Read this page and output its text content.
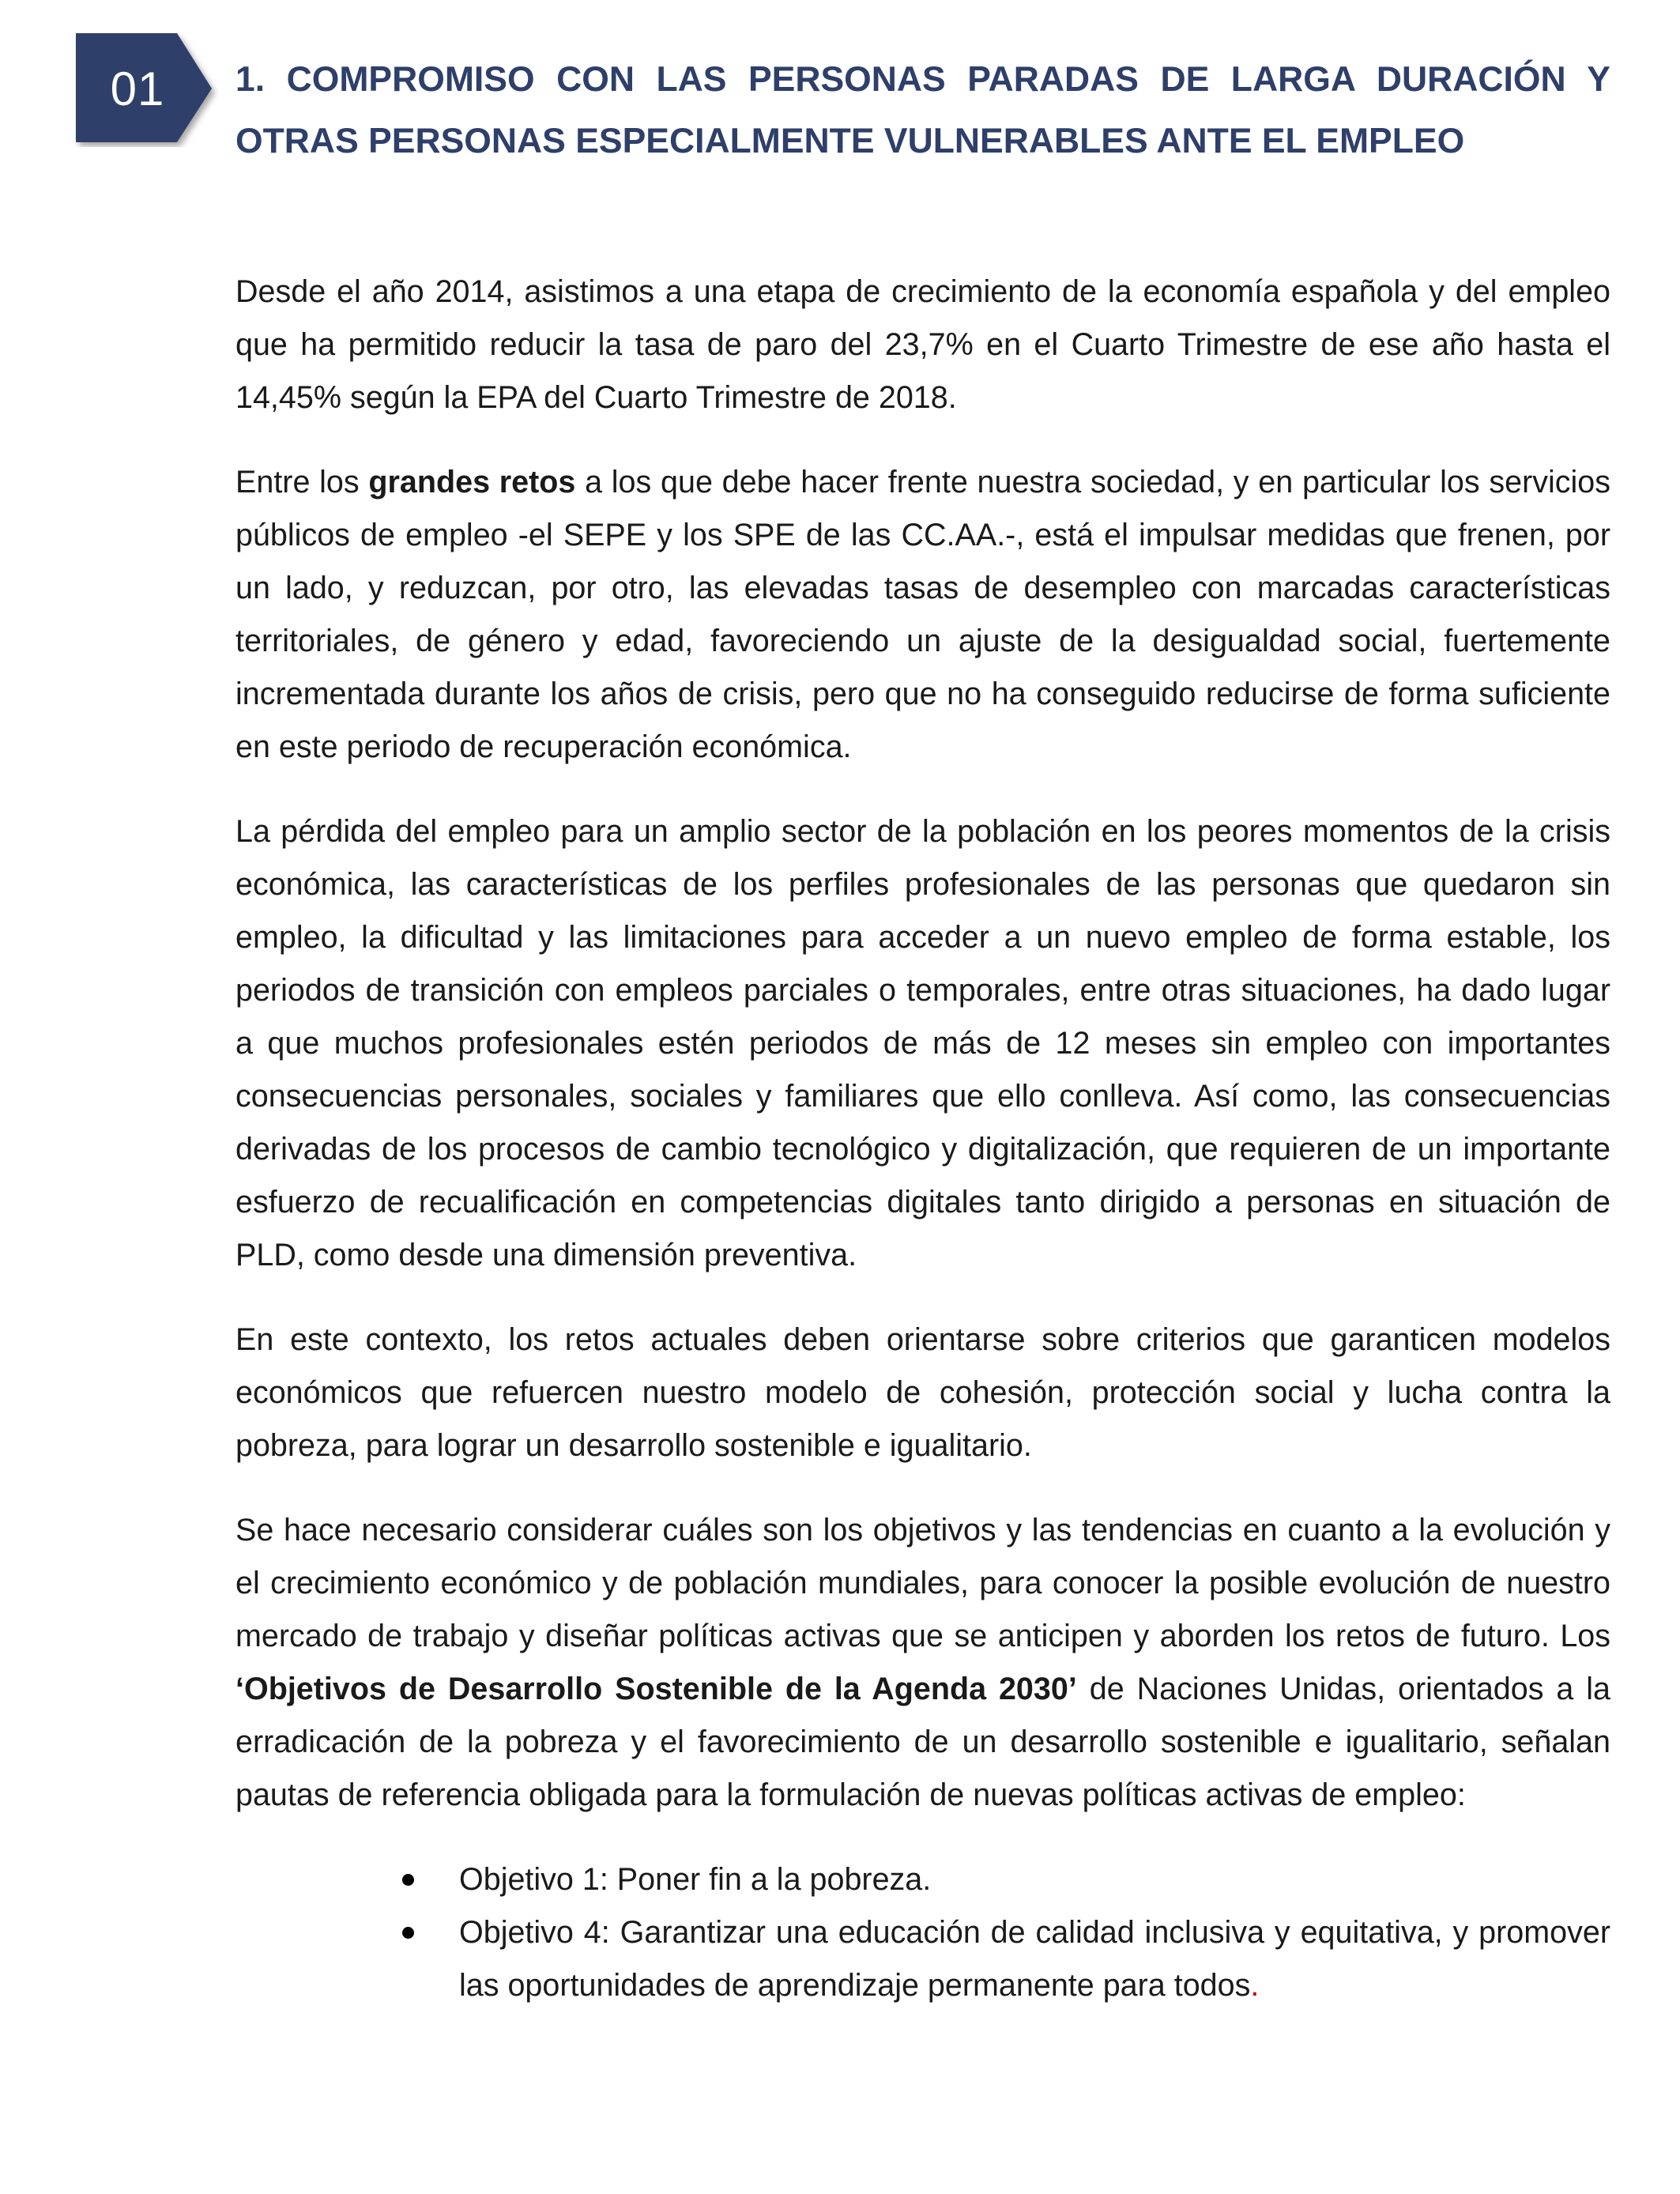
01	1. COMPROMISO CON LAS PERSONAS PARADAS DE LARGA DURACIÓN Y OTRAS PERSONAS ESPECIALMENTE VULNERABLES ANTE EL EMPLEO

Desde el año 2014, asistimos a una etapa de crecimiento de la economía española y del empleo que ha permitido reducir la tasa de paro del 23,7% en el Cuarto Trimestre de ese año hasta el 14,45% según la EPA del Cuarto Trimestre de 2018.

Entre los grandes retos a los que debe hacer frente nuestra sociedad, y en particular los servicios públicos de empleo -el SEPE y los SPE de las CC.AA.-, está el impulsar medidas que frenen, por un lado, y reduzcan, por otro, las elevadas tasas de desempleo con marcadas características territoriales, de género y edad, favoreciendo un ajuste de la desigualdad social, fuertemente incrementada durante los años de crisis, pero que no ha conseguido reducirse de forma suficiente en este periodo de recuperación económica.

La pérdida del empleo para un amplio sector de la población en los peores momentos de la crisis económica, las características de los perfiles profesionales de las personas que quedaron sin empleo, la dificultad y las limitaciones para acceder a un nuevo empleo de forma estable, los periodos de transición con empleos parciales o temporales, entre otras situaciones, ha dado lugar a que muchos profesionales estén periodos de más de 12 meses sin empleo con importantes consecuencias personales, sociales y familiares que ello conlleva. Así como, las consecuencias derivadas de los procesos de cambio tecnológico y digitalización, que requieren de un importante esfuerzo de recualificación en competencias digitales tanto dirigido a personas en situación de PLD, como desde una dimensión preventiva.

En este contexto, los retos actuales deben orientarse sobre criterios que garanticen modelos económicos que refuercen nuestro modelo de cohesión, protección social y lucha contra la pobreza, para lograr un desarrollo sostenible e igualitario.

Se hace necesario considerar cuáles son los objetivos y las tendencias en cuanto a la evolución y el crecimiento económico y de población mundiales, para conocer la posible evolución de nuestro mercado de trabajo y diseñar políticas activas que se anticipen y aborden los retos de futuro. Los ‘Objetivos de Desarrollo Sostenible de la Agenda 2030’ de Naciones Unidas, orientados a la erradicación de la pobreza y el favorecimiento de un desarrollo sostenible e igualitario, señalan pautas de referencia obligada para la formulación de nuevas políticas activas de empleo:

Objetivo 1: Poner fin a la pobreza.
Objetivo 4: Garantizar una educación de calidad inclusiva y equitativa, y promover las oportunidades de aprendizaje permanente para todos.
